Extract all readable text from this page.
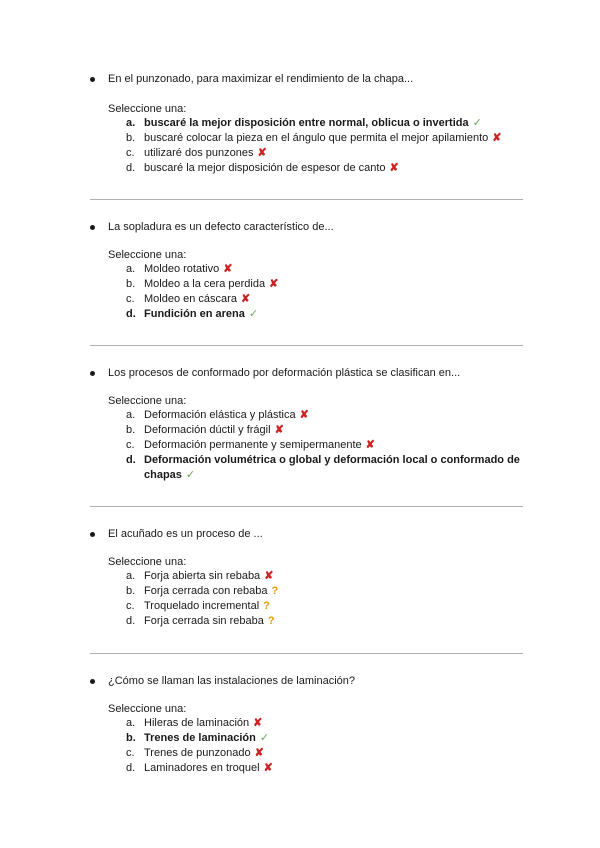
En el punzonado, para maximizar el rendimiento de la chapa...
Seleccione una:
a. buscaré la mejor disposición entre normal, oblicua o invertida ✓
b. buscaré colocar la pieza en el ángulo que permita el mejor apilamiento ✘
c. utilizaré dos punzones ✘
d. buscaré la mejor disposición de espesor de canto ✘
La sopladura es un defecto característico de...
Seleccione una:
a. Moldeo rotativo ✘
b. Moldeo a la cera perdida ✘
c. Moldeo en cáscara ✘
d. Fundición en arena ✓
Los procesos de conformado por deformación plástica se clasifican en...
Seleccione una:
a. Deformación elástica y plástica ✘
b. Deformación dúctil y frágil ✘
c. Deformación permanente y semipermanente ✘
d. Deformación volumétrica o global y deformación local o conformado de chapas ✓
El acuñado es un proceso de ...
Seleccione una:
a. Forja abierta sin rebaba ✘
b. Forja cerrada con rebaba ?
c. Troquelado incremental ?
d. Forja cerrada sin rebaba ?
¿Cómo se llaman las instalaciones de laminación?
Seleccione una:
a. Hileras de laminación ✘
b. Trenes de laminación ✓
c. Trenes de punzonado ✘
d. Laminadores en troquel ✘
